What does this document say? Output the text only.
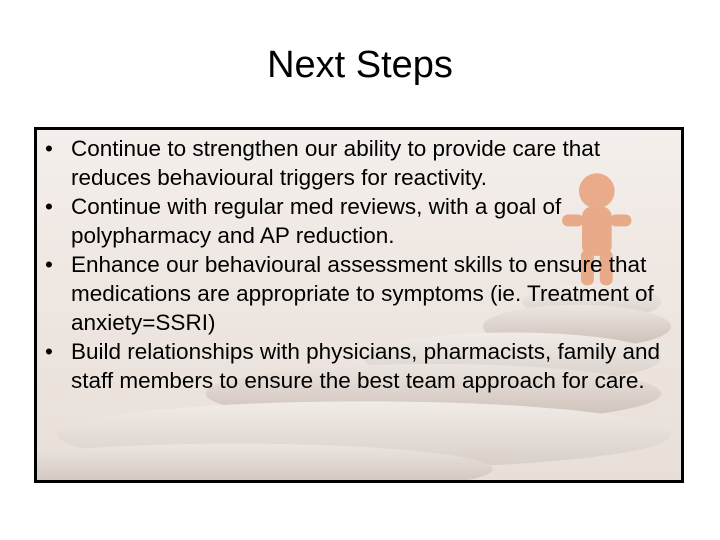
Next Steps
• Continue to strengthen our ability to provide care that reduces behavioural triggers for reactivity.
• Continue with regular med reviews, with a goal of polypharmacy and AP reduction.
• Enhance our behavioural assessment skills to ensure that medications are appropriate to symptoms (ie. Treatment of anxiety=SSRI)
• Build relationships with physicians, pharmacists, family and staff members to ensure the best team approach for care.
